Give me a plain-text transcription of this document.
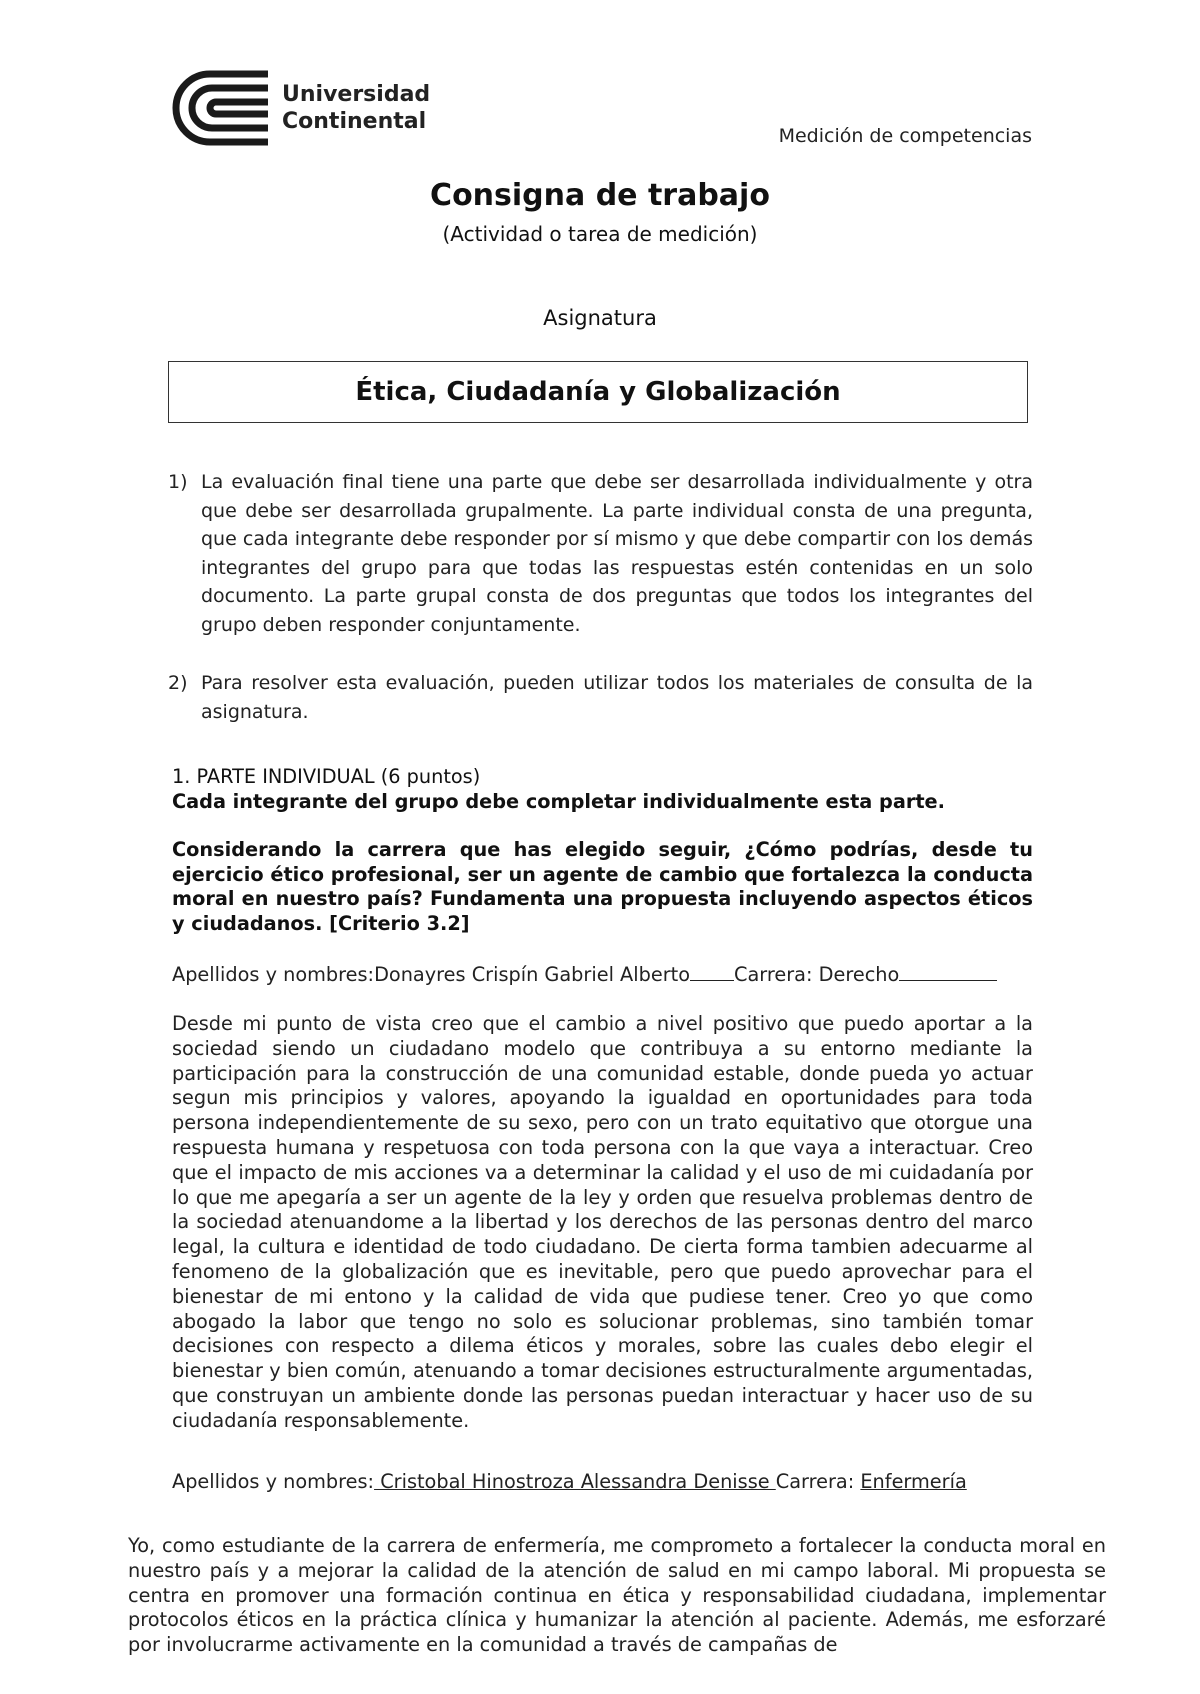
Universidad
Continental
Medición de competencias
Consigna de trabajo
(Actividad o tarea de medición)
Asignatura
Ética, Ciudadanía y Globalización
1) La evaluación final tiene una parte que debe ser desarrollada individualmente y otra que debe ser desarrollada grupalmente. La parte individual consta de una pregunta, que cada integrante debe responder por sí mismo y que debe compartir con los demás integrantes del grupo para que todas las respuestas estén contenidas en un solo documento. La parte grupal consta de dos preguntas que todos los integrantes del grupo deben responder conjuntamente.
2) Para resolver esta evaluación, pueden utilizar todos los materiales de consulta de la asignatura.
1. PARTE INDIVIDUAL (6 puntos)
Cada integrante del grupo debe completar individualmente esta parte.
Considerando la carrera que has elegido seguir, ¿Cómo podrías, desde tu ejercicio ético profesional, ser un agente de cambio que fortalezca la conducta moral en nuestro país? Fundamenta una propuesta incluyendo aspectos éticos y ciudadanos. [Criterio 3.2]
Apellidos y nombres:Donayres Crispín Gabriel Alberto Carrera: Derecho
Desde mi punto de vista creo que el cambio a nivel positivo que puedo aportar a la sociedad siendo un ciudadano modelo que contribuya a su entorno mediante la participación para la construcción de una comunidad estable, donde pueda yo actuar segun mis principios y valores, apoyando la igualdad en oportunidades para toda persona independientemente de su sexo, pero con un trato equitativo que otorgue una respuesta humana y respetuosa con toda persona con la que vaya a interactuar. Creo que el impacto de mis acciones va a determinar la calidad y el uso de mi cuidadanía por lo que me apegaría a ser un agente de la ley y orden que resuelva problemas dentro de la sociedad atenuandome a la libertad y los derechos de las personas dentro del marco legal, la cultura e identidad de todo ciudadano. De cierta forma tambien adecuarme al fenomeno de la globalización que es inevitable, pero que puedo aprovechar para el bienestar de mi entono y la calidad de vida que pudiese tener. Creo yo que como abogado la labor que tengo no solo es solucionar problemas, sino también tomar decisiones con respecto a dilema éticos y morales, sobre las cuales debo elegir el bienestar y bien común, atenuando a tomar decisiones estructuralmente argumentadas, que construyan un ambiente donde las personas puedan interactuar y hacer uso de su ciudadanía responsablemente.
Apellidos y nombres: Cristobal Hinostroza Alessandra Denisse Carrera: Enfermería
Yo, como estudiante de la carrera de enfermería, me comprometo a fortalecer la conducta moral en nuestro país y a mejorar la calidad de la atención de salud en mi campo laboral. Mi propuesta se centra en promover una formación continua en ética y responsabilidad ciudadana, implementar protocolos éticos en la práctica clínica y humanizar la atención al paciente. Además, me esforzaré por involucrarme activamente en la comunidad a través de campañas de
